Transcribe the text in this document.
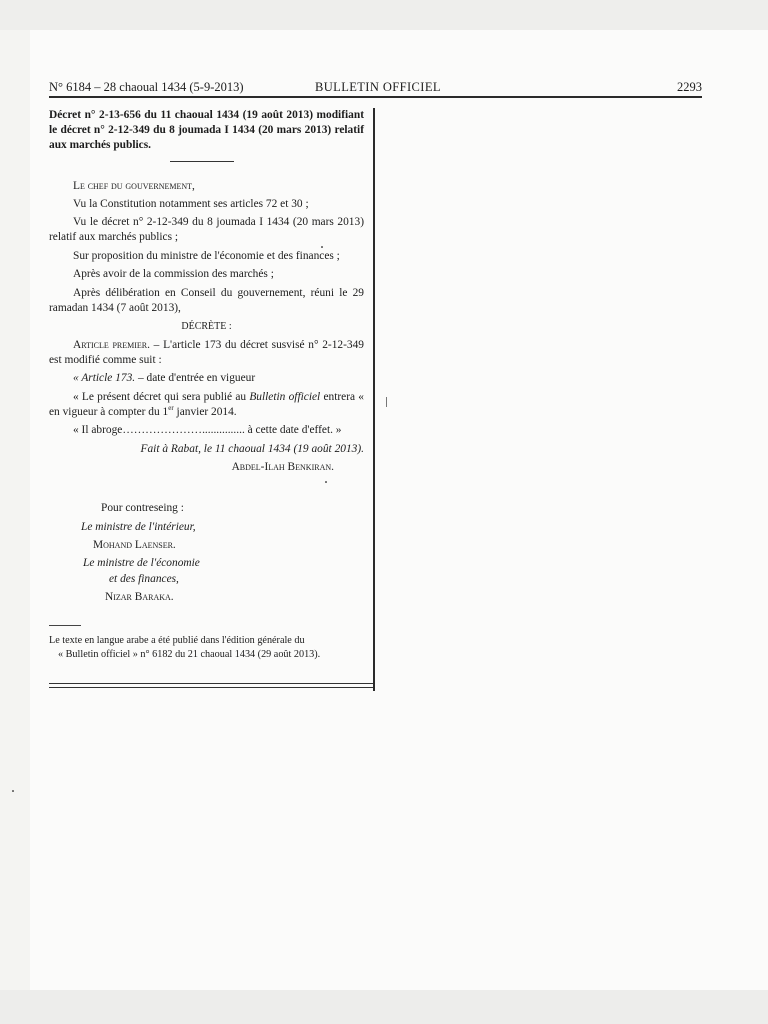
N° 6184 – 28 chaoual 1434 (5-9-2013)	BULLETIN OFFICIEL	2293

Décret n° 2-13-656 du 11 chaoual 1434 (19 août 2013) modifiant le décret n° 2-12-349 du 8 joumada I 1434 (20 mars 2013) relatif aux marchés publics.

Le chef du gouvernement,

Vu la Constitution notamment ses articles 72 et 30 ;

Vu le décret n° 2-12-349 du 8 joumada I 1434 (20 mars 2013) relatif aux marchés publics ;

Sur proposition du ministre de l'économie et des finances ;

Après avoir de la commission des marchés ;

Après délibération en Conseil du gouvernement, réuni le 29 ramadan 1434 (7 août 2013),

DÉCRÈTE :

Article premier. – L'article 173 du décret susvisé n° 2-12-349 est modifié comme suit :

« Article 173. – date d'entrée en vigueur

« Le présent décret qui sera publié au Bulletin officiel entrera « en vigueur à compter du 1er janvier 2014.

« Il abroge…………………............... à cette date d'effet. »

Fait à Rabat, le 11 chaoual 1434 (19 août 2013).

Abdel-Ilah Benkiran.

Pour contreseing :

Le ministre de l'intérieur,

Mohand Laenser.

Le ministre de l'économie

et des finances,

Nizar Baraka.

Le texte en langue arabe a été publié dans l'édition générale du
« Bulletin officiel » n° 6182 du 21 chaoual 1434 (29 août 2013).
